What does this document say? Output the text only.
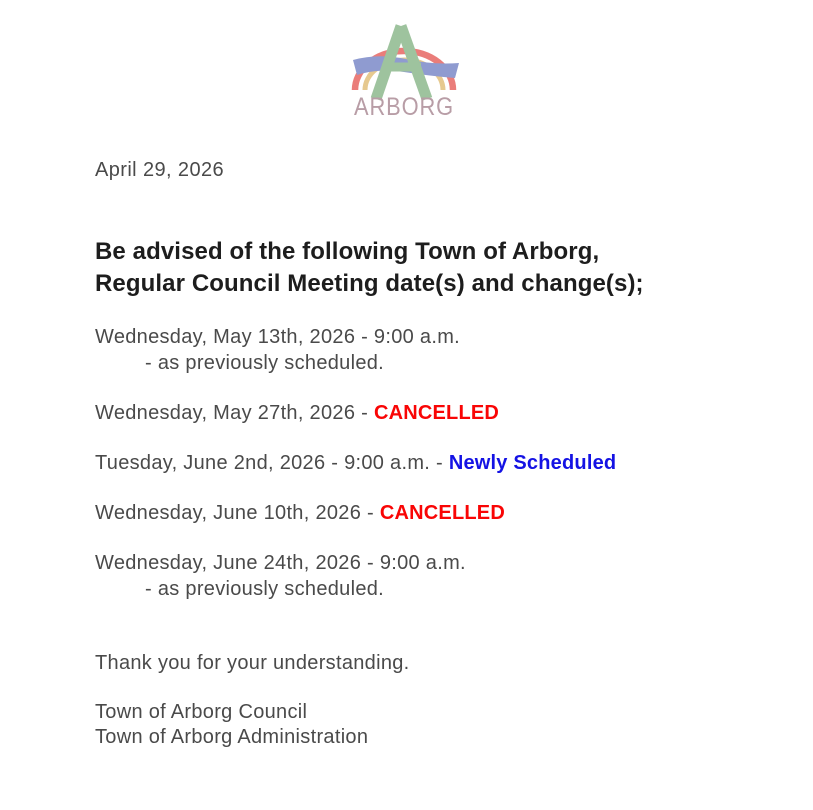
ARBORG

April 29, 2026

Be advised of the following Town of Arborg,
Regular Council Meeting date(s) and change(s);
Wednesday, May 13th, 2026 - 9:00 a.m.
- as previously scheduled.
Wednesday, May 27th, 2026 - CANCELLED
Tuesday, June 2nd, 2026 - 9:00 a.m. - Newly Scheduled
Wednesday, June 10th, 2026 - CANCELLED
Wednesday, June 24th, 2026 - 9:00 a.m.
- as previously scheduled.

Thank you for your understanding.

Town of Arborg Council
Town of Arborg Administration
